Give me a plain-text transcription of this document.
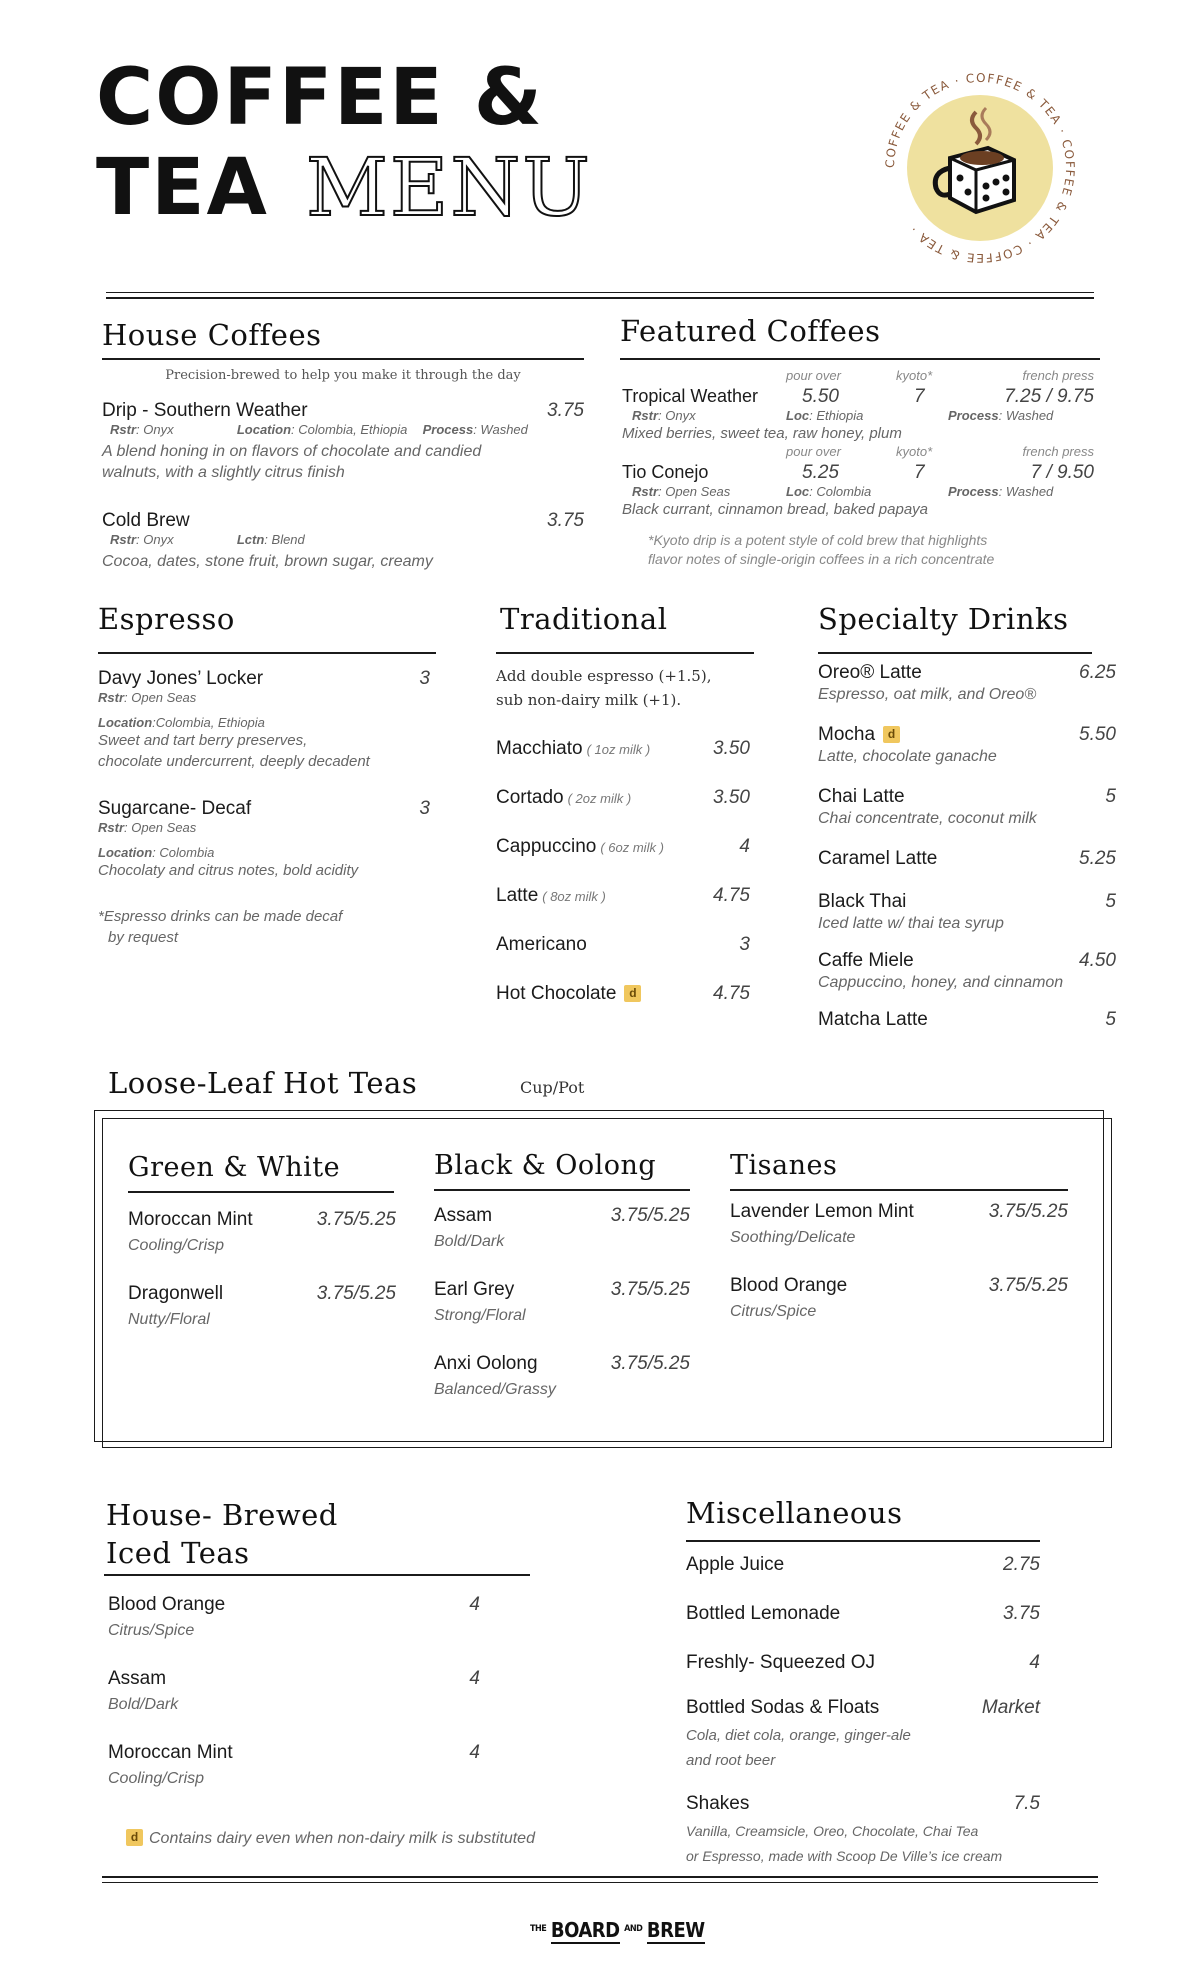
COFFEE &
TEA MENU	COFFEE & TEA · COFFEE & TEA · COFFEE & TEA · COFFEE & TEA ·
House Coffees
Precision-brewed to help you make it through the day
Drip - Southern Weather	3.75
Rstr: Onyx	Location: Colombia, Ethiopia Process: Washed
A blend honing in on flavors of chocolate and candied walnuts, with a slightly citrus finish
Cold Brew	3.75
Rstr: Onyx	Lctn: Blend
Cocoa, dates, stone fruit, brown sugar, creamy
Featured Coffees
pour over	kyoto*	french press
Tropical Weather 5.50	7	7.25 / 9.75
Rstr: Onyx	Loc: Ethiopia	Process: Washed
Mixed berries, sweet tea, raw honey, plum
pour over	kyoto*	french press
Tio Conejo	5.25	7	7 / 9.50
Rstr: Open Seas	Loc: Colombia	Process: Washed
Black currant, cinnamon bread, baked papaya
*Kyoto drip is a potent style of cold brew that highlights
flavor notes of single-origin coffees in a rich concentrate
Espresso
Davy Jones’ Locker	3
Rstr: Open Seas
Location:Colombia, Ethiopia
Sweet and tart berry preserves,
chocolate undercurrent, deeply decadent
Sugarcane- Decaf	3
Rstr: Open Seas
Location: Colombia
Chocolaty and citrus notes, bold acidity
*Espresso drinks can be made decaf
by request
Traditional
Add double espresso (+1.5),
sub non-dairy milk (+1).
Macchiato ( 1oz milk )	3.50
Cortado ( 2oz milk )	3.50
Cappuccino ( 6oz milk )	4
Latte ( 8oz milk )	4.75
Americano	3
Hot Chocolate d	4.75
Specialty Drinks
Oreo® Latte	6.25
Espresso, oat milk, and Oreo®
Mocha d	5.50
Latte, chocolate ganache
Chai Latte	5
Chai concentrate, coconut milk
Caramel Latte	5.25
Black Thai	5
Iced latte w/ thai tea syrup
Caffe Miele	4.50
Cappuccino, honey, and cinnamon
Matcha Latte	5
Loose-Leaf Hot Teas	Cup/Pot
Green & White
Moroccan Mint	3.75/5.25
Cooling/Crisp
Dragonwell	3.75/5.25
Nutty/Floral
Black & Oolong
Assam	3.75/5.25
Bold/Dark
Earl Grey	3.75/5.25
Strong/Floral
Anxi Oolong	3.75/5.25
Balanced/Grassy
Tisanes
Lavender Lemon Mint	3.75/5.25
Soothing/Delicate
Blood Orange	3.75/5.25
Citrus/Spice
House- Brewed
Iced Teas
Blood Orange	4
Citrus/Spice
Assam	4
Bold/Dark
Moroccan Mint	4
Cooling/Crisp
d Contains dairy even when non-dairy milk is substituted
Miscellaneous
Apple Juice	2.75
Bottled Lemonade	3.75
Freshly- Squeezed OJ	4
Bottled Sodas & Floats	Market
Cola, diet cola, orange, ginger-ale
and root beer
Shakes	7.5
Vanilla, Creamsicle, Oreo, Chocolate, Chai Tea
or Espresso, made with Scoop De Ville’s ice cream
$^{THE}$ BOARD $^{AND}$ BREW
